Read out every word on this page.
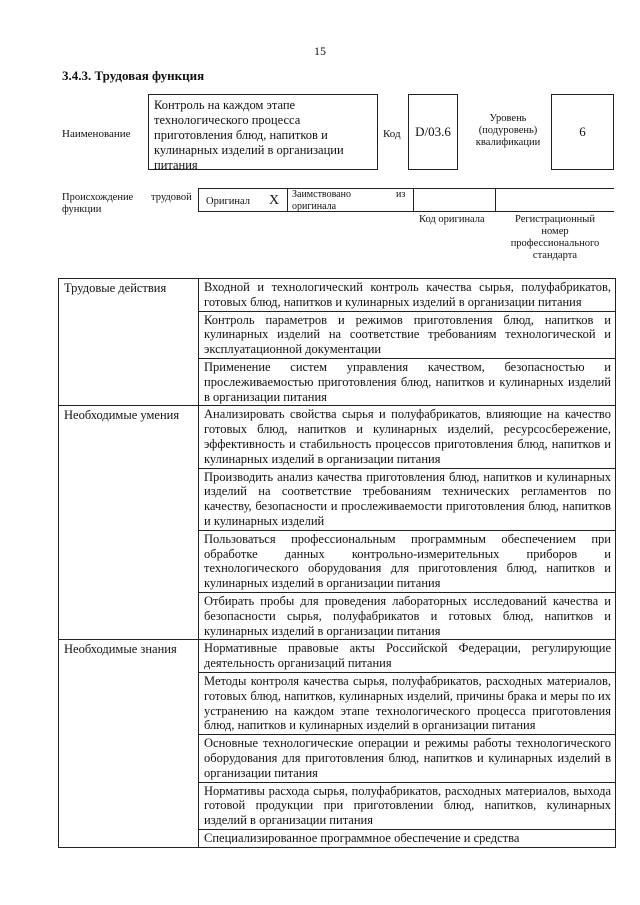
15
3.4.3. Трудовая функция
Наименование
Контроль на каждом этапе технологического процесса приготовления блюд, напитков и кулинарных изделий в организации питания
Код D/03.6
Уровень (подуровень) квалификации
6
Происхождение трудовой
функции
Оригинал X Заимствовано	из
оригинала
Код оригинала	Регистрационный номер профессионального стандарта
Трудовые действия	Входной и технологический контроль качества сырья, полуфабрикатов, готовых блюд, напитков и кулинарных изделий в организации питания
	Контроль параметров и режимов приготовления блюд, напитков и кулинарных изделий на соответствие требованиям технологической и эксплуатационной документации
	Применение систем управления качеством, безопасностью и прослеживаемостью приготовления блюд, напитков и кулинарных изделий в организации питания
Необходимые умения	Анализировать свойства сырья и полуфабрикатов, влияющие на качество готовых блюд, напитков и кулинарных изделий, ресурсосбережение, эффективность и стабильность процессов приготовления блюд, напитков и кулинарных изделий в организации питания
	Производить анализ качества приготовления блюд, напитков и кулинарных изделий на соответствие требованиям технических регламентов по качеству, безопасности и прослеживаемости приготовления блюд, напитков и кулинарных изделий
	Пользоваться профессиональным программным обеспечением при обработке данных контрольно-измерительных приборов и технологического оборудования для приготовления блюд, напитков и кулинарных изделий в организации питания
	Отбирать пробы для проведения лабораторных исследований качества и безопасности сырья, полуфабрикатов и готовых блюд, напитков и кулинарных изделий в организации питания
Необходимые знания	Нормативные правовые акты Российской Федерации, регулирующие деятельность организаций питания
	Методы контроля качества сырья, полуфабрикатов, расходных материалов, готовых блюд, напитков, кулинарных изделий, причины брака и меры по их устранению на каждом этапе технологического процесса приготовления блюд, напитков и кулинарных изделий в организации питания
	Основные технологические операции и режимы работы технологического оборудования для приготовления блюд, напитков и кулинарных изделий в организации питания
	Нормативы расхода сырья, полуфабрикатов, расходных материалов, выхода готовой продукции при приготовлении блюд, напитков, кулинарных изделий в организации питания
	Специализированное программное обеспечение и средства
